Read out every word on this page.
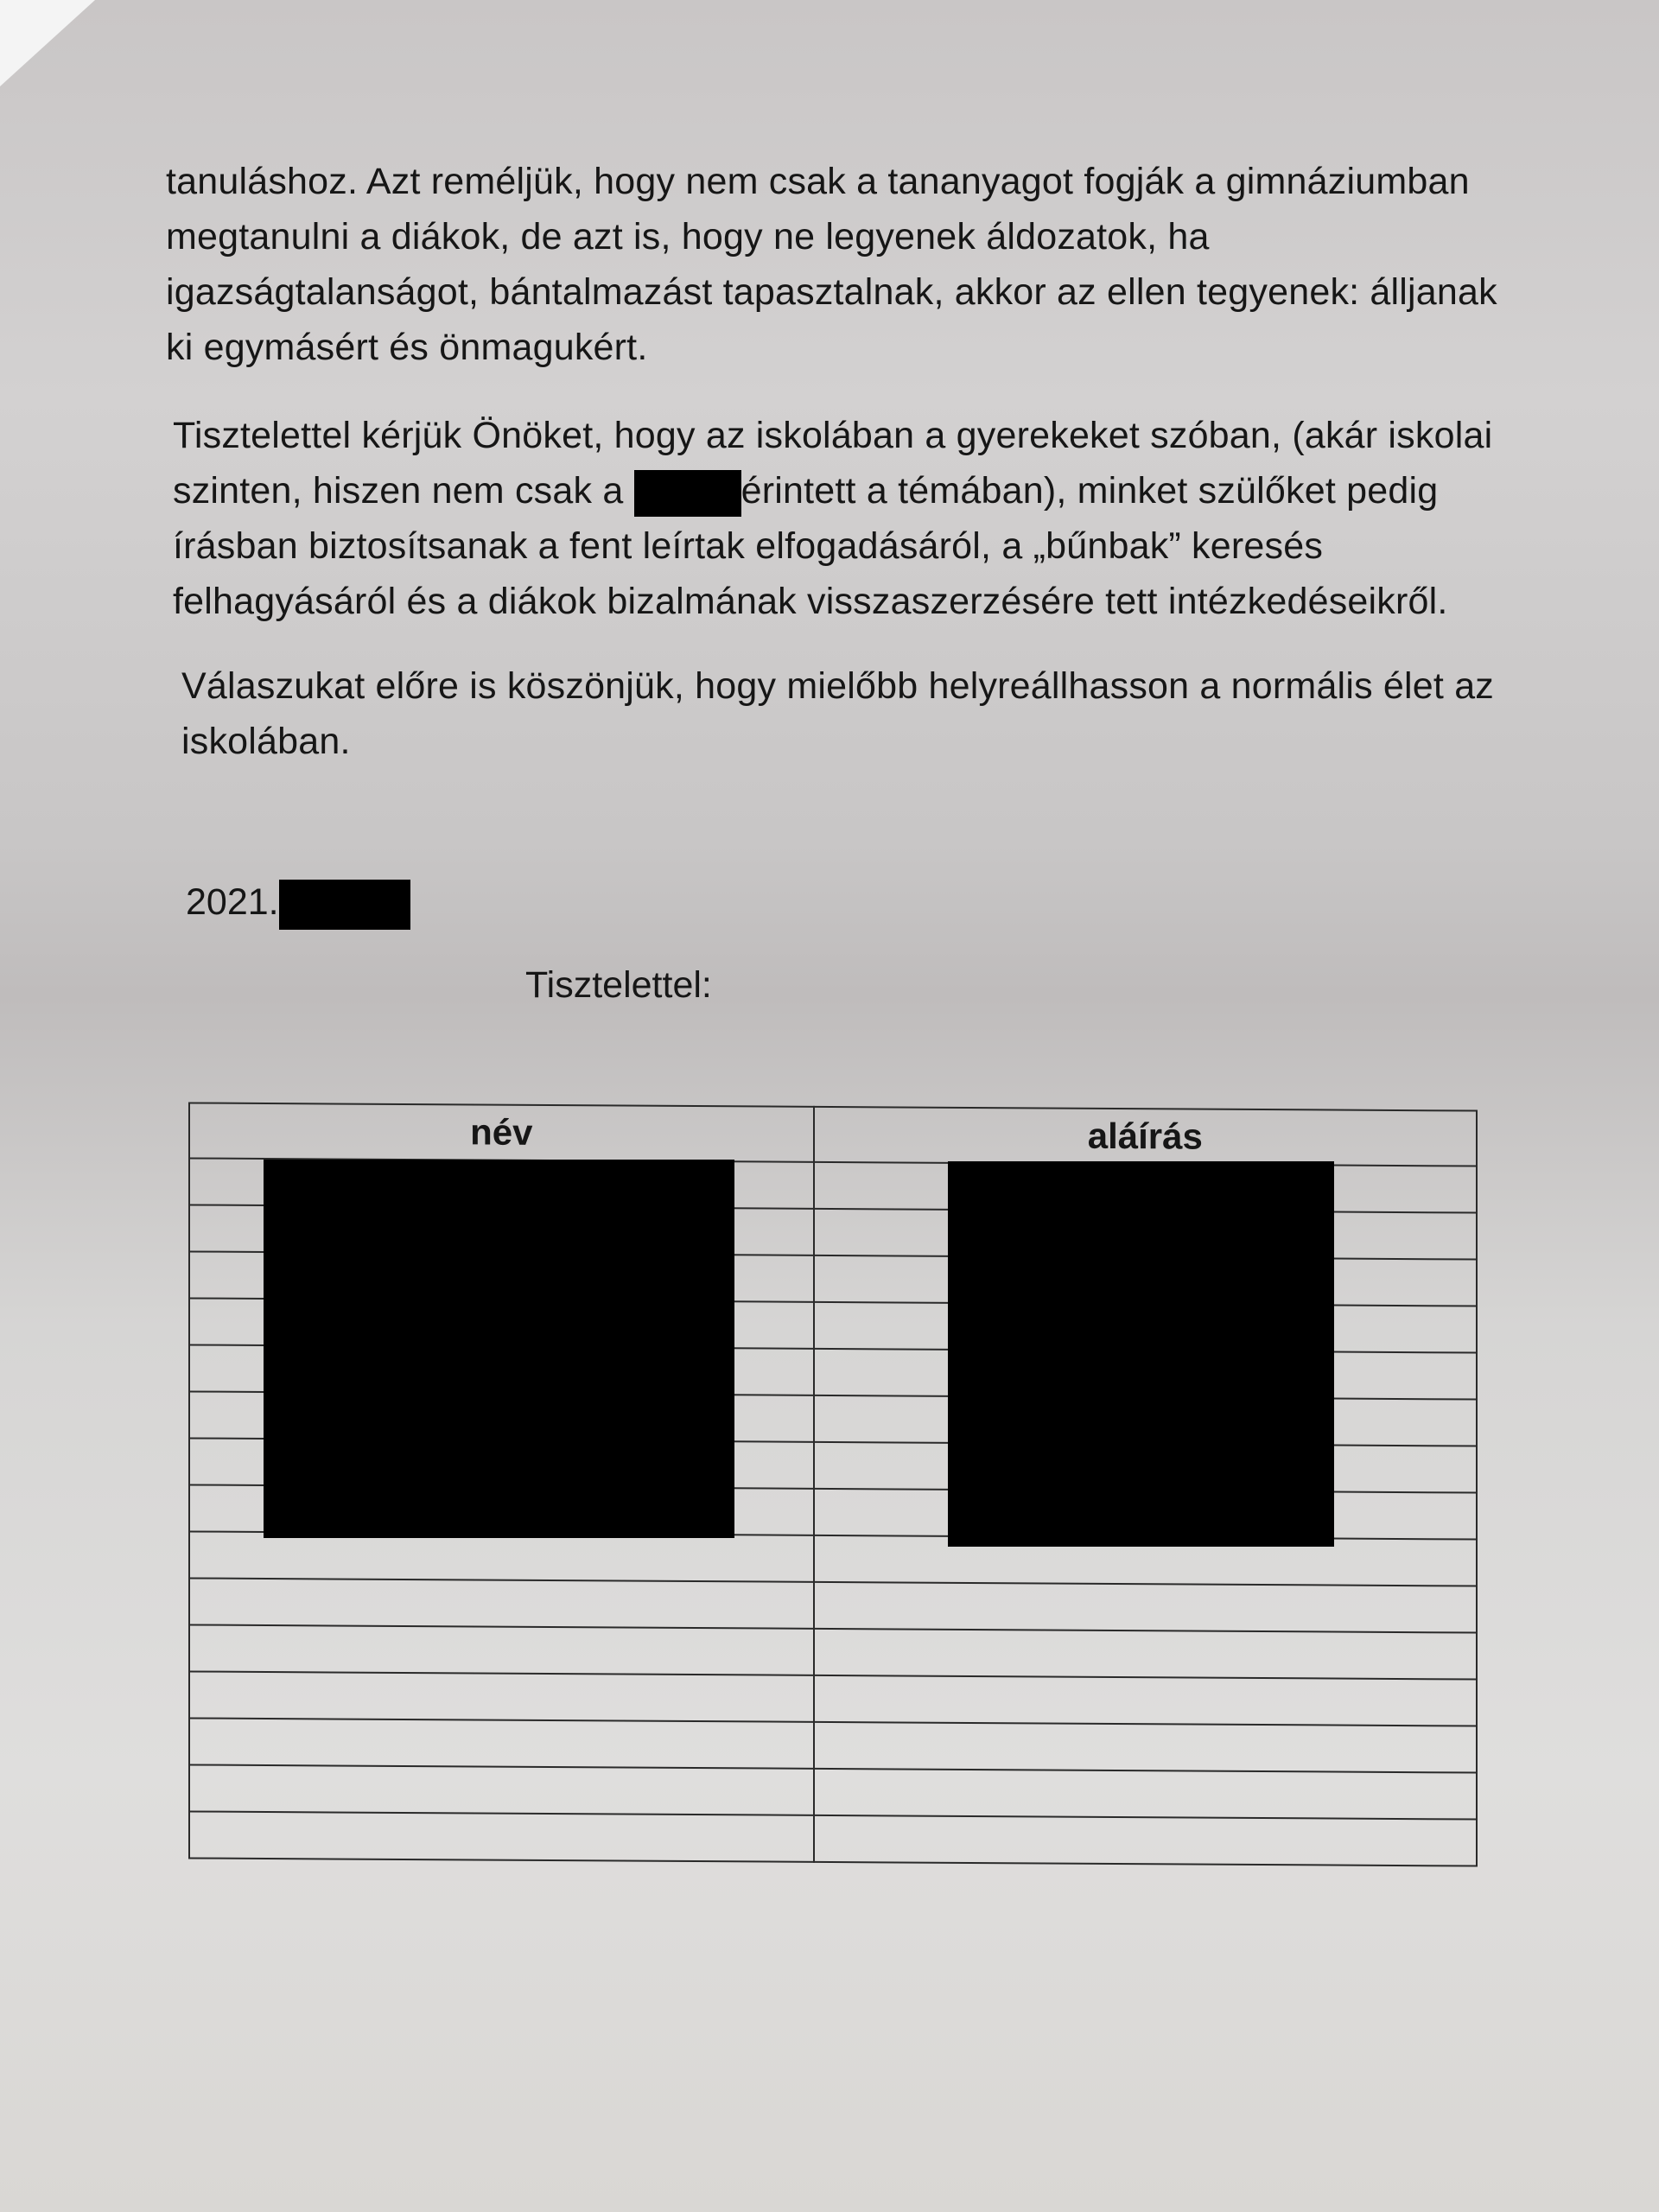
tanuláshoz. Azt reméljük, hogy nem csak a tananyagot fogják a gimnáziumban
megtanulni a diákok, de azt is, hogy ne legyenek áldozatok, ha
igazságtalanságot, bántalmazást tapasztalnak, akkor az ellen tegyenek: álljanak
ki egymásért és önmagukért.
Tisztelettel kérjük Önöket, hogy az iskolában a gyerekeket szóban, (akár iskolai
szinten, hiszen nem csak a	érintett a témában), minket szülőket pedig
írásban biztosítsanak a fent leírtak elfogadásáról, a „bűnbak” keresés
felhagyásáról és a diákok bizalmának visszaszerzésére tett intézkedéseikről.
Válaszukat előre is köszönjük, hogy mielőbb helyreállhasson a normális élet az
iskolában.
2021.
Tisztelettel:
név	aláírás
